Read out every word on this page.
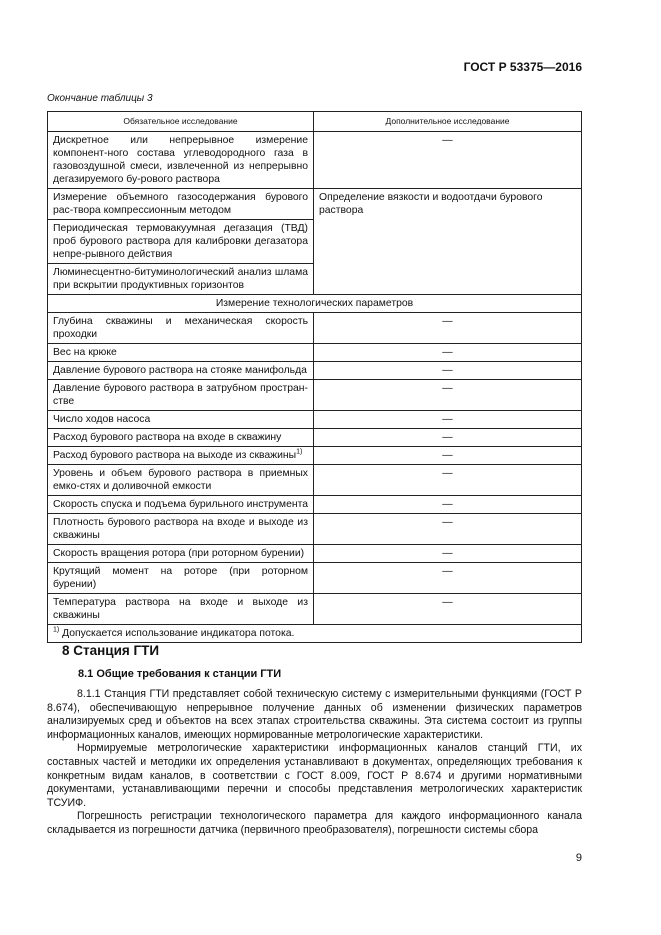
ГОСТ Р 53375—2016
Окончание таблицы 3
Обязательное исследование	Дополнительное исследование
Дискретное или непрерывное измерение компонент-ного состава углеводородного газа в газовоздушной смеси, извлеченной из непрерывно дегазируемого бу-рового раствора	—
Измерение объемного газосодержания бурового рас-твора компрессионным методом	Определение вязкости и водоотдачи бурового раствора
Периодическая термовакуумная дегазация (ТВД) проб бурового раствора для калибровки дегазатора непре-рывного действия	
Люминесцентно-битуминологический анализ шлама при вскрытии продуктивных горизонтов	
Измерение технологических параметров	
Глубина скважины и механическая скорость проходки	—
Вес на крюке	—
Давление бурового раствора на стояке манифольда	—
Давление бурового раствора в затрубном простран-стве	—
Число ходов насоса	—
Расход бурового раствора на входе в скважину	—
Расход бурового раствора на выходе из скважины$^{1)}$	—
Уровень и объем бурового раствора в приемных емко-стях и доливочной емкости	—
Скорость спуска и подъема бурильного инструмента	—
Плотность бурового раствора на входе и выходе из скважины	—
Скорость вращения ротора (при роторном бурении)	—
Крутящий момент на роторе (при роторном бурении)	—
Температура раствора на входе и выходе из скважины	—
$^{1)}$ Допускается использование индикатора потока.	
8 Станция ГТИ
8.1 Общие требования к станции ГТИ

8.1.1 Станция ГТИ представляет собой техническую систему с измерительными функциями (ГОСТ Р 8.674), обеспечивающую непрерывное получение данных об изменении физических параметров анализируемых сред и объектов на всех этапах строительства скважины. Эта система состоит из группы информационных каналов, имеющих нормированные метрологические характеристики.

Нормируемые метрологические характеристики информационных каналов станций ГТИ, их составных частей и методики их определения устанавливают в документах, определяющих требования к конкретным видам каналов, в соответствии с ГОСТ 8.009, ГОСТ Р 8.674 и другими нормативными документами, устанавливающими перечни и способы представления метрологических характеристик ТСУИФ.

Погрешность регистрации технологического параметра для каждого информационного канала складывается из погрешности датчика (первичного преобразователя), погрешности системы сбора

9
